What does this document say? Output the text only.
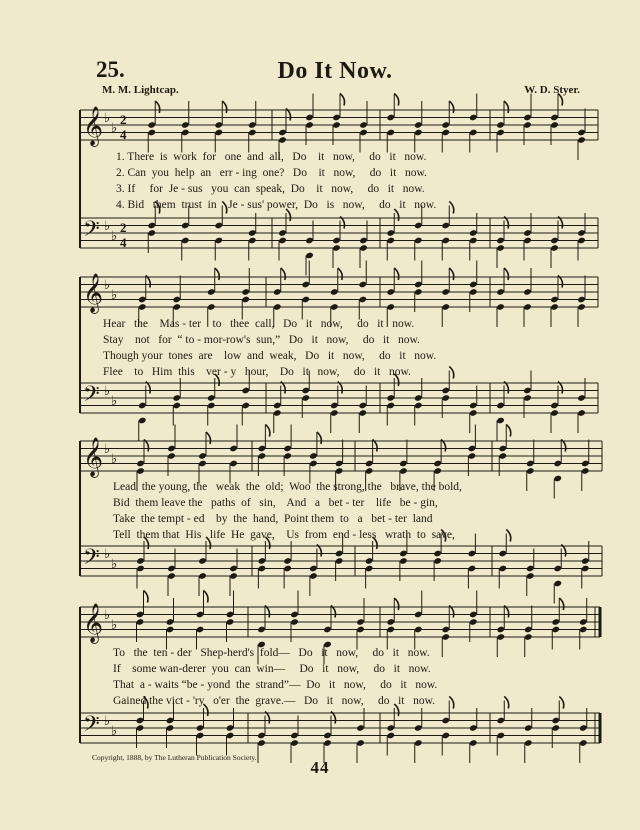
25.	Do It Now.
M. M. Lightcap.	W. D. Styer.
𝄞 ♭
♭
2
4
𝄢 ♭
♭
2
4
𝄞 ♭
♭
𝄢 ♭
♭
𝄞 ♭
♭
𝄢 ♭
♭
𝄞 ♭
♭
𝄢 ♭
♭
1. There  is  work  for   one  and  all,   Do    it   now,     do   it   now.
2. Can  you  help  an   err - ing  one?   Do    it   now,     do   it   now.
3. If     for  Je - sus   you  can  speak,  Do    it   now,     do   it   now.
4. Bid   them  trust  in    Je - sus' power,  Do   is   now,     do   it   now.
Hear   the    Mas - ter    to   thee  call,   Do   it   now,     do   it   now.
Stay    not   for  “ to - mor-row's  sun,”   Do   it   now,     do   it   now.
Though your  tones  are    low  and  weak,   Do   it   now,     do   it   now.
Flee    to   Him  this    ver - y   hour,    Do   it   now,     do   it   now.
Lead  the young, the   weak  the  old;  Woo  the strong, the   brave, the bold,
Bid  them leave the   paths  of   sin,    And   a   bet - ter    life   be - gin,
Take  the tempt - ed    by  the  hand,  Point them  to   a   bet - ter  land
Tell  them that  His   life  He  gave,    Us  from  end - less   wrath  to  save,
To   the  ten - der   Shep-herd's  fold—   Do   it   now,     do   it   now.
If    some wan-derer  you  can  win—     Do   it   now,     do   it   now.
That  a - waits “be - yond  the  strand”—  Do   it   now,     do   it   now.
Gained the vict - 'ry   o'er  the  grave.—   Do   it   now,     do   it   now.
Copyright, 1888, by The Lutheran Publication Society.
44
